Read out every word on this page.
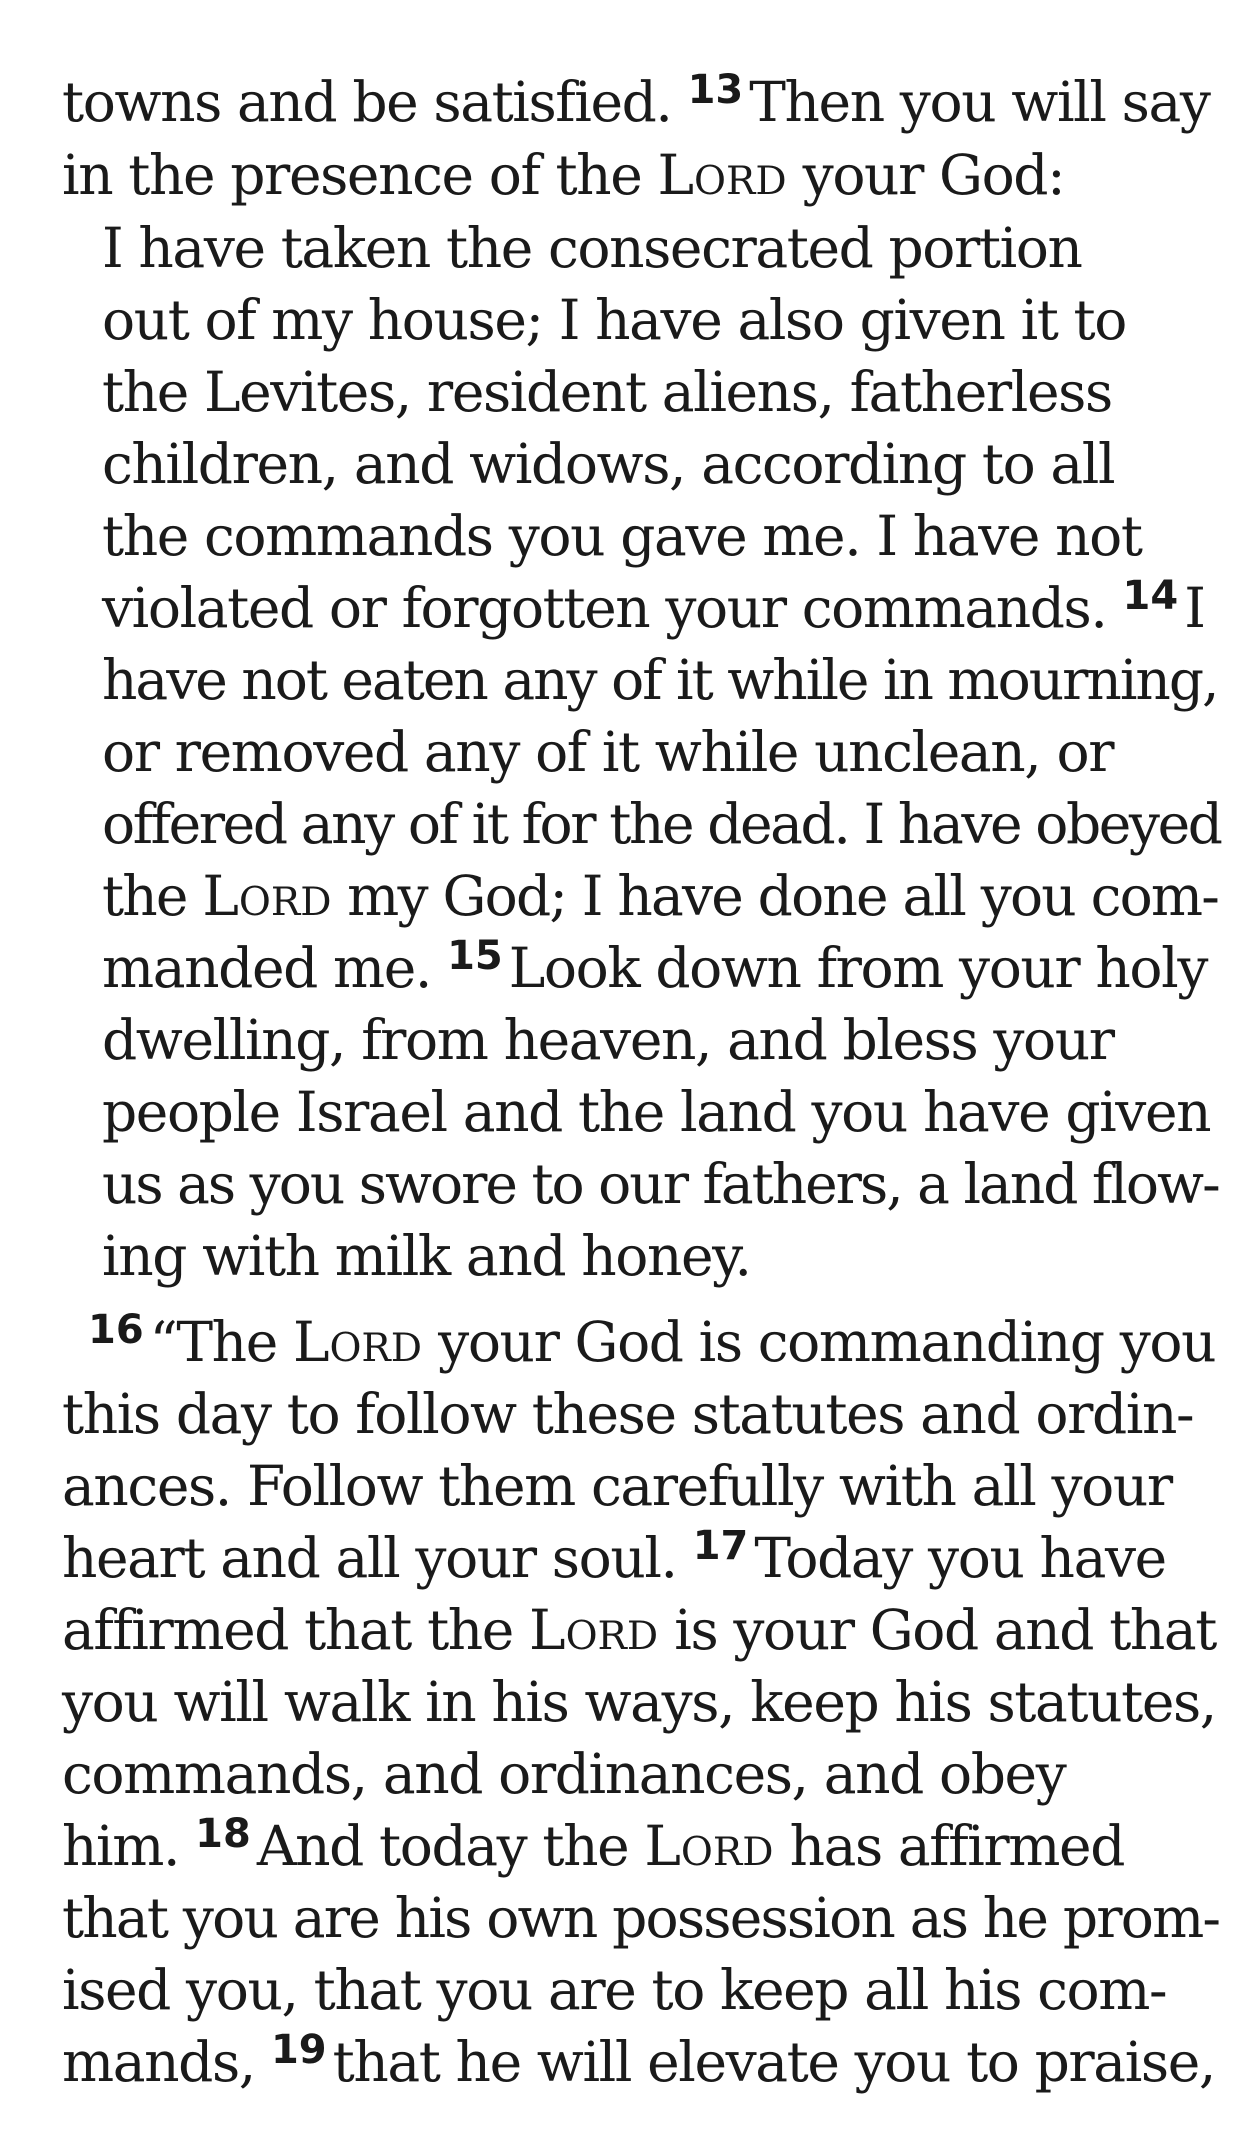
towns and be satisfied. $^{13}$ Then you will say
in the presence of the Lord your God:
I have taken the consecrated portion
out of my house; I have also given it to
the Levites, resident aliens, fatherless
children, and widows, according to all
the commands you gave me. I have not
violated or forgotten your commands. $^{14}$ I
have not eaten any of it while in mourning,
or removed any of it while unclean, or
offered any of it for the dead. I have obeyed
the Lord my God; I have done all you com-
manded me. $^{15}$ Look down from your holy
dwelling, from heaven, and bless your
people Israel and the land you have given
us as you swore to our fathers, a land flow-
ing with milk and honey.
$^{16}$ “The Lord your God is commanding you
this day to follow these statutes and ordin-
ances. Follow them carefully with all your
heart and all your soul. $^{17}$ Today you have
affirmed that the Lord is your God and that
you will walk in his ways, keep his statutes,
commands, and ordinances, and obey
him. $^{18}$ And today the Lord has affirmed
that you are his own possession as he prom-
ised you, that you are to keep all his com-
mands, $^{19}$ that he will elevate you to praise,
